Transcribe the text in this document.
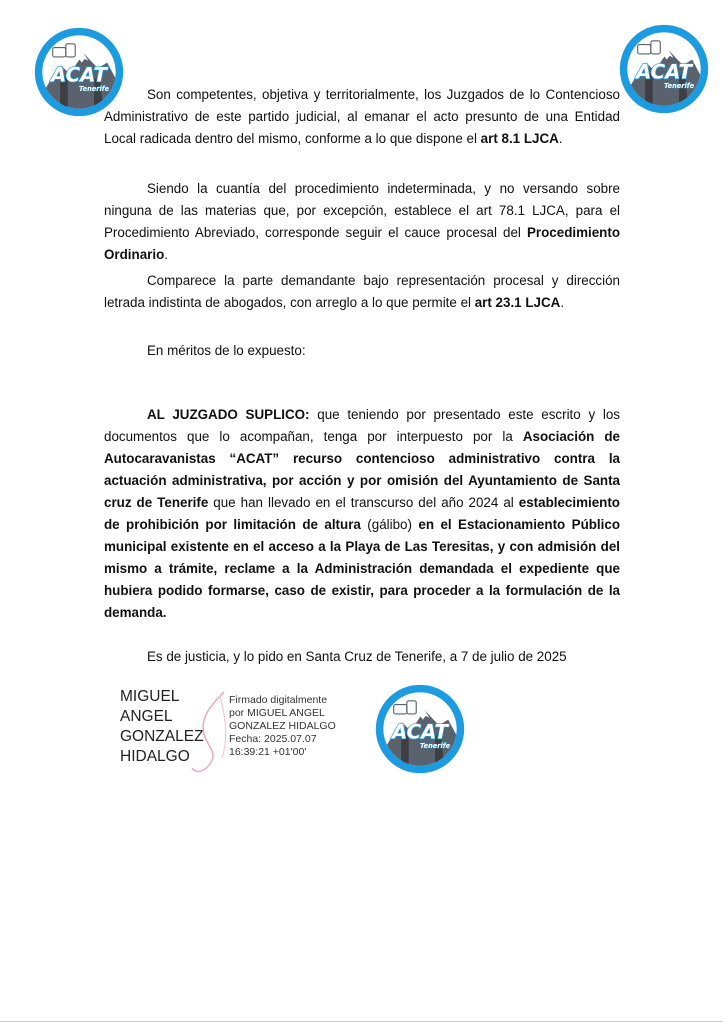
ACAT
Tenerife
ACAT
Tenerife
ACAT
Tenerife

Son competentes, objetiva y territorialmente, los Juzgados de lo Contencioso Administrativo de este partido judicial, al emanar el acto presunto de una Entidad Local radicada dentro del mismo, conforme a lo que dispone el art 8.1 LJCA.

Siendo la cuantía del procedimiento indeterminada, y no versando sobre ninguna de las materias que, por excepción, establece el art 78.1 LJCA, para el Procedimiento Abreviado, corresponde seguir el cauce procesal del Procedimiento Ordinario.

Comparece la parte demandante bajo representación procesal y dirección letrada indistinta de abogados, con arreglo a lo que permite el art 23.1 LJCA.

En méritos de lo expuesto:

AL JUZGADO SUPLICO: que teniendo por presentado este escrito y los documentos que lo acompañan, tenga por interpuesto por la Asociación de Autocaravanistas “ACAT” recurso contencioso administrativo contra la actuación administrativa, por acción y por omisión del Ayuntamiento de Santa cruz de Tenerife que han llevado en el transcurso del año 2024 al establecimiento de prohibición por limitación de altura (gálibo) en el Estacionamiento Público municipal existente en el acceso a la Playa de Las Teresitas, y con admisión del mismo a trámite, reclame a la Administración demandada el expediente que hubiera podido formarse, caso de existir, para proceder a la formulación de la demanda.

Es de justicia, y lo pido en Santa Cruz de Tenerife, a 7 de julio de 2025

MIGUEL
ANGEL
GONZALEZ
HIDALGO
Firmado digitalmente
por MIGUEL ANGEL
GONZALEZ HIDALGO
Fecha: 2025.07.07
16:39:21 +01'00'
